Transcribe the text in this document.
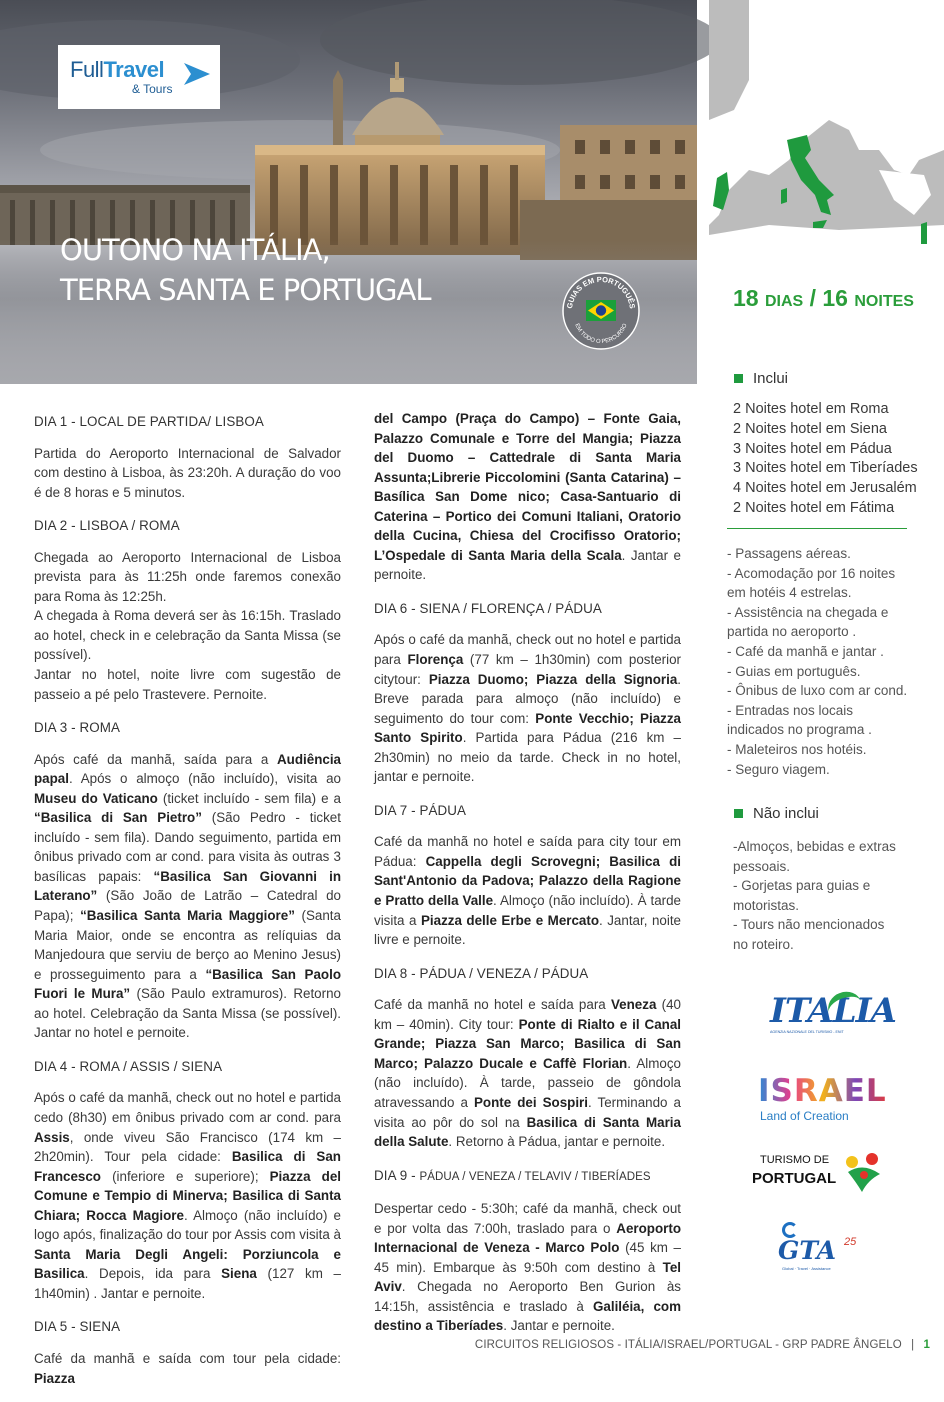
FullTravel
& Tours
OUTONO NA ITÁLIA,
TERRA SANTA E PORTUGAL	GUIAS EM PORTUGUÊS
EM TODO O PERCURSO
18 DIAS / 16 NOITES
Inclui
2 Noites hotel em Roma
2 Noites hotel em Siena
3 Noites hotel em Pádua
3 Noites hotel em Tiberíades
4 Noites hotel em Jerusalém
2 Noites hotel em Fátima
- Passagens aéreas.
- Acomodação por 16 noites em hotéis 4 estrelas.
- Assistência na chegada e partida no aeroporto .
- Café da manhã e jantar .
- Guias em português.
- Ônibus de luxo com ar cond.
- Entradas nos locais indicados no programa .
- Maleteiros nos hotéis.
- Seguro viagem.
Não inclui
-Almoços, bebidas e extras pessoais.
- Gorjetas para guias e motoristas.
- Tours não mencionados no roteiro.
ITALIA
AGENZIA NAZIONALE DEL TURISMO - ENIT
ISRAEL
Land of Creation
TURISMO DE
PORTUGAL
GTA 25
Global · Travel · Assistance
DIA 1 - LOCAL DE PARTIDA/ LISBOA

Partida do Aeroporto Internacional de Salvador com destino à Lisboa, às 23:20h. A duração do voo é de 8 horas e 5 minutos.

DIA 2 - LISBOA / ROMA

Chegada ao Aeroporto Internacional de Lisboa prevista para às 11:25h onde faremos conexão para Roma às 12:25h.
A chegada à Roma deverá ser às 16:15h. Traslado ao hotel, check in e celebração da Santa Missa (se possível).
Jantar no hotel, noite livre com sugestão de passeio a pé pelo Trastevere. Pernoite.

DIA 3 - ROMA

Após café da manhã, saída para a Audiência papal. Após o almoço (não incluído), visita ao Museu do Vaticano (ticket incluído - sem fila) e a “Basilica di San Pietro” (São Pedro - ticket incluído - sem fila). Dando seguimento, partida em ônibus privado com ar cond. para visita às outras 3 basílicas papais: “Basilica San Giovanni in Laterano” (São João de Latrão – Catedral do Papa); “Basilica Santa Maria Maggiore” (Santa Maria Maior, onde se encontra as relíquias da Manjedoura que serviu de berço ao Menino Jesus) e prosseguimento para a “Basilica San Paolo Fuori le Mura” (São Paulo extramuros). Retorno ao hotel. Celebração da Santa Missa (se possível). Jantar no hotel e pernoite.

DIA 4 - ROMA / ASSIS / SIENA

Após o café da manhã, check out no hotel e partida cedo (8h30) em ônibus privado com ar cond. para Assis, onde viveu São Francisco (174 km – 2h20min). Tour pela cidade: Basilica di San Francesco (inferiore e superiore); Piazza del Comune e Tempio di Minerva; Basilica di Santa Chiara; Rocca Magiore. Almoço (não incluído) e logo após, finalização do tour por Assis com visita à Santa Maria Degli Angeli: Porziuncola e Basilica. Depois, ida para Siena (127 km – 1h40min) . Jantar e pernoite.

DIA 5 - SIENA

Café da manhã e saída com tour pela cidade: Piazza

del Campo (Praça do Campo) – Fonte Gaia, Palazzo Comunale e Torre del Mangia; Piazza del Duomo – Cattedrale di Santa Maria Assunta;Librerie Piccolomini (Santa Catarina) – Basílica San Dome nico; Casa-Santuario di Caterina – Portico dei Comuni Italiani, Oratorio della Cucina, Chiesa del Crocifisso Oratorio; L’Ospedale di Santa Maria della Scala. Jantar e pernoite.

DIA 6 - SIENA / FLORENÇA / PÁDUA

Após o café da manhã, check out no hotel e partida para Florença (77 km – 1h30min) com posterior citytour: Piazza Duomo; Piazza della Signoria. Breve parada para almoço (não incluído) e seguimento do tour com: Ponte Vecchio; Piazza Santo Spirito. Partida para Pádua (216 km – 2h30min) no meio da tarde. Check in no hotel, jantar e pernoite.

DIA 7 - PÁDUA

Café da manhã no hotel e saída para city tour em Pádua: Cappella degli Scrovegni; Basilica di Sant'Antonio da Padova; Palazzo della Ragione e Pratto della Valle. Almoço (não incluído). À tarde visita a Piazza delle Erbe e Mercato. Jantar, noite livre e pernoite.

DIA 8 - PÁDUA / VENEZA / PÁDUA

Café da manhã no hotel e saída para Veneza (40 km – 40min). City tour: Ponte di Rialto e il Canal Grande; Piazza San Marco; Basilica di San Marco; Palazzo Ducale e Caffè Florian. Almoço (não incluído). À tarde, passeio de gôndola atravessando a Ponte dei Sospiri. Terminando a visita ao pôr do sol na Basilica di Santa Maria della Salute. Retorno à Pádua, jantar e pernoite.

DIA 9 - PÁDUA / VENEZA / TELAVIV / TIBERÍADES

Despertar cedo - 5:30h; café da manhã, check out e por volta das 7:00h, traslado para o Aeroporto Internacional de Veneza - Marco Polo (45 km – 45 min). Embarque às 9:50h com destino à Tel Aviv. Chegada no Aeroporto Ben Gurion às 14:15h, assistência e traslado à Galiléia, com destino a Tiberíades. Jantar e pernoite.

CIRCUITOS RELIGIOSOS - ITÁLIA/ISRAEL/PORTUGAL - GRP PADRE ÂNGELO | 1
